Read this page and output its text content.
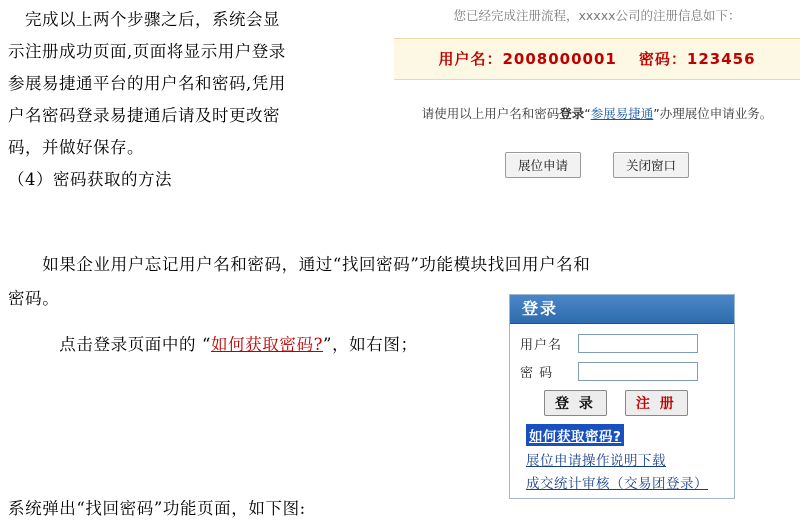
　完成以上两个步骤之后，系统会显
示注册成功页面,页面将显示用户登录
参展易捷通平台的用户名和密码,凭用
户名密码登录易捷通后请及时更改密
码，并做好保存。
（4）密码获取的方法
　　如果企业用户忘记用户名和密码，通过“找回密码”功能模块找回用户名和
密码。
　　　点击登录页面中的 “如何获取密码?”，如右图；
系统弹出“找回密码”功能页面，如下图:
您已经完成注册流程，xxxxx公司的注册信息如下：
用户名：2008000001 密码：123456
请使用以上用户名和密码登录“参展易捷通”办理展位申请业务。
展位申请	关闭窗口
登录
用户名
密 码
登 录	注 册
如何获取密码?
展位申请操作说明下载
成交统计审核（交易团登录）
